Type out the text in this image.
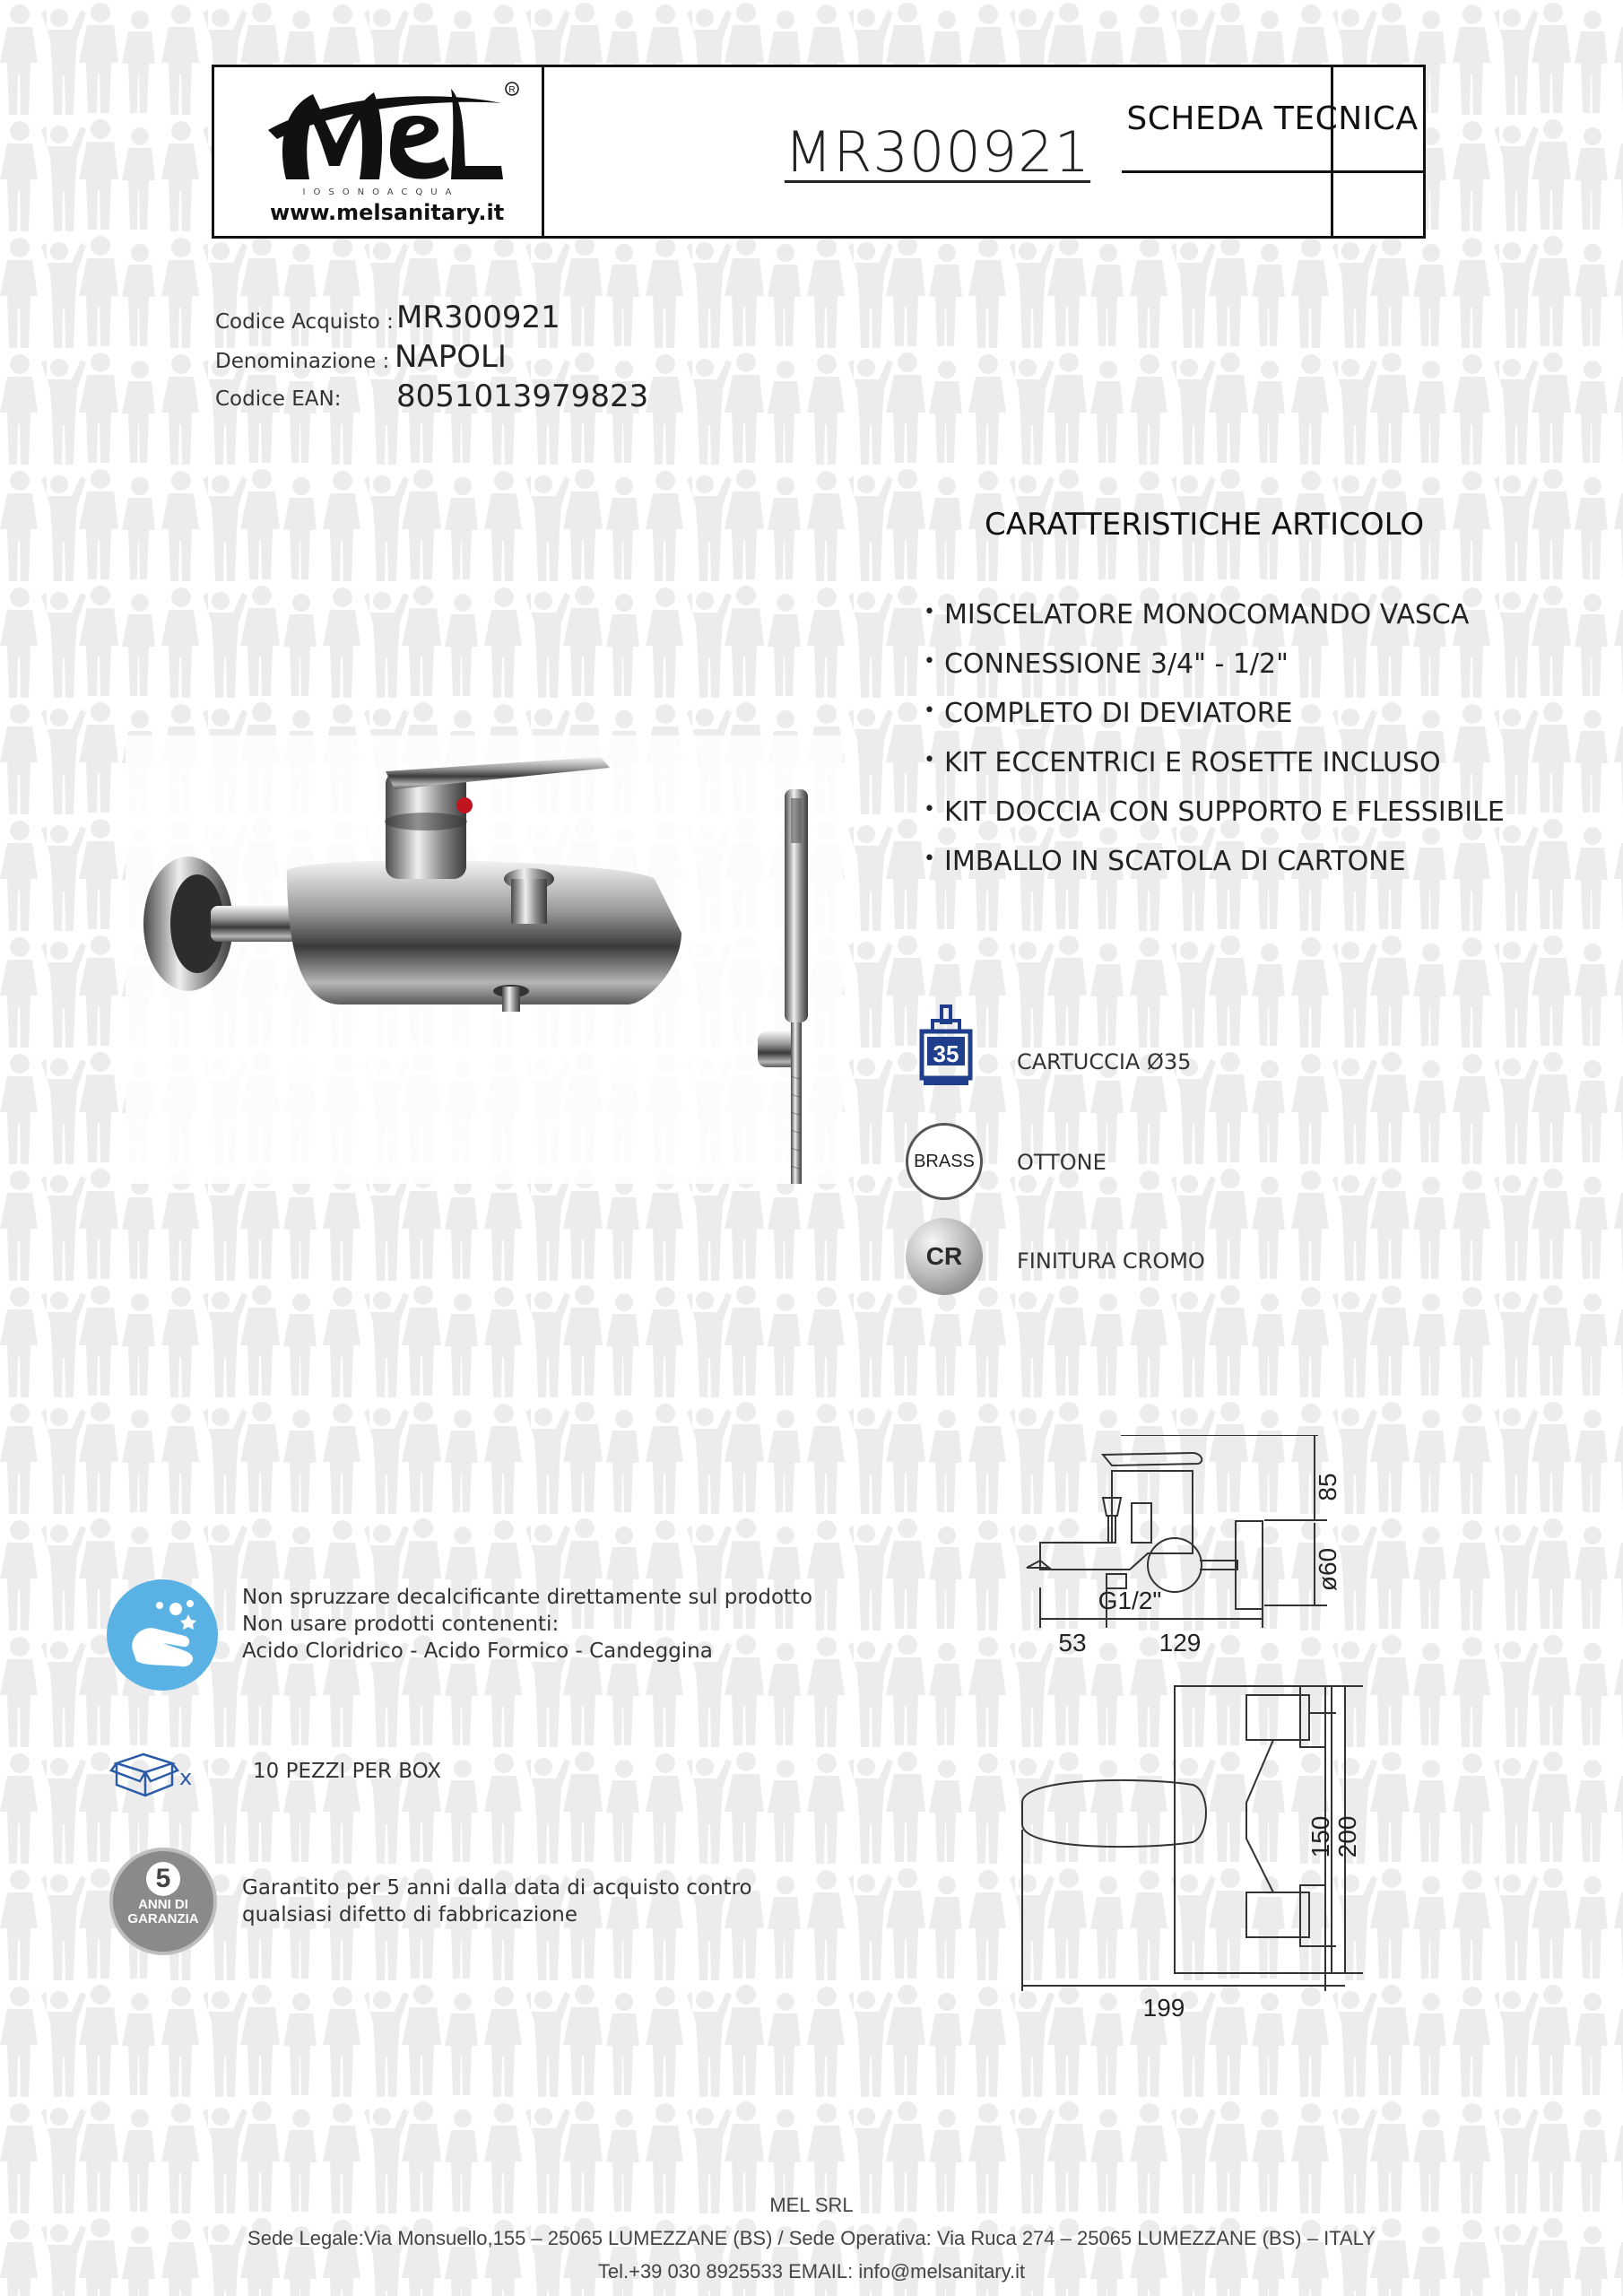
R
IOSONOACQUA
www.melsanitary.it
MR300921 SCHEDA TECNICA
Codice Acquisto : MR300921
Denominazione : NAPOLI
Codice EAN: 8051013979823
CARATTERISTICHE ARTICOLO
• MISCELATORE MONOCOMANDO VASCA
• CONNESSIONE 3/4" - 1/2"
• COMPLETO DI DEVIATORE
• KIT ECCENTRICI E ROSETTE INCLUSO
• KIT DOCCIA CON SUPPORTO E FLESSIBILE
• IMBALLO IN SCATOLA DI CARTONE
35	CARTUCCIA Ø35
BRASS	OTTONE
CR	FINITURA CROMO
85
ø60
G1/2"
53	129
150 200
199
Non spruzzare decalcificante direttamente sul prodotto
Non usare prodotti contenenti:
Acido Cloridrico - Acido Formico - Candeggina
x	10 PEZZI PER BOX
5
ANNI DI
GARANZIA
Garantito per 5 anni dalla data di acquisto contro
qualsiasi difetto di fabbricazione
MEL SRL
Sede Legale:Via Monsuello,155 – 25065 LUMEZZANE (BS) / Sede Operativa: Via Ruca 274 – 25065 LUMEZZANE (BS) – ITALY
Tel.+39 030 8925533 EMAIL: info@melsanitary.it
